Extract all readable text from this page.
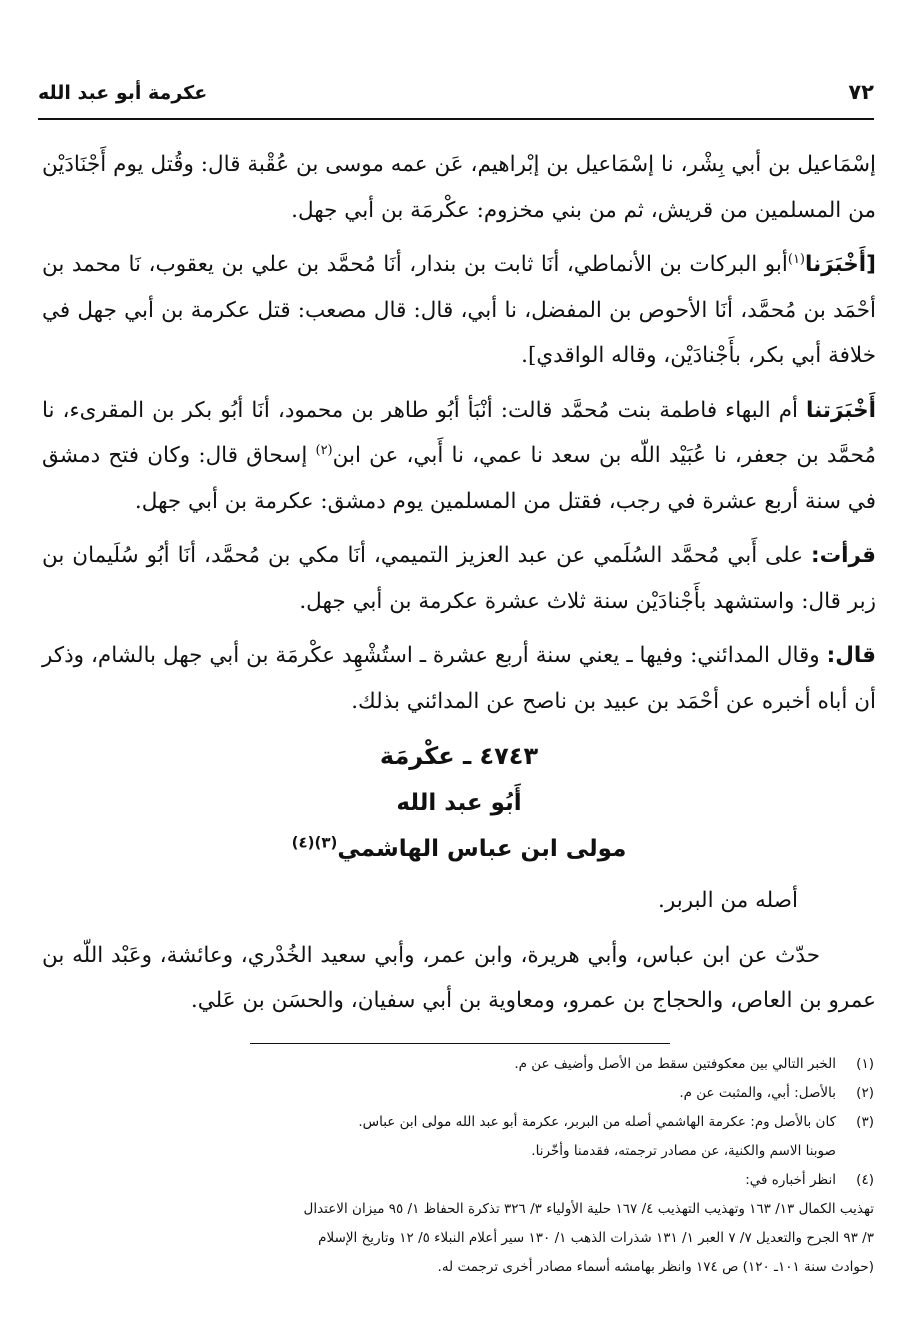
٧٢
عكرمة أبو عبد الله

إسْمَاعيل بن أبي بِشْر، نا إسْمَاعيل بن إبْراهيم، عَن عمه موسى بن عُقْبة قال: وقُتل يوم أَجْنَادَيْن من المسلمين من قريش، ثم من بني مخزوم: عكْرمَة بن أبي جهل.

[أَخْبَرَنا$^{(١)}$أبو البركات بن الأنماطي، أنَا ثابت بن بندار، أنَا مُحمَّد بن علي بن يعقوب، نَا محمد بن أحْمَد بن مُحمَّد، أنَا الأحوص بن المفضل، نا أبي، قال: قال مصعب: قتل عكرمة بن أبي جهل في خلافة أبي بكر، بأَجْنادَيْن، وقاله الواقدي].

أَخْبَرَتنا أم البهاء فاطمة بنت مُحمَّد قالت: أنْبَأ أبُو طاهر بن محمود، أنَا أبُو بكر بن المقرىء، نا مُحمَّد بن جعفر، نا عُبَيْد اللّه بن سعد نا عمي، نا أَبي، عن ابن$^{(٢)}$ إسحاق قال: وكان فتح دمشق في سنة أربع عشرة في رجب، فقتل من المسلمين يوم دمشق: عكرمة بن أبي جهل.

قرأت: على أَبي مُحمَّد السُلَمي عن عبد العزيز التميمي، أنَا مكي بن مُحمَّد، أنَا أبُو سُلَيمان بن زبر قال: واستشهد بأَجْنادَيْن سنة ثلاث عشرة عكرمة بن أبي جهل.

قال: وقال المدائني: وفيها ـ يعني سنة أربع عشرة ـ استُشْهِد عكْرمَة بن أبي جهل بالشام، وذكر أن أباه أخبره عن أحْمَد بن عبيد بن ناصح عن المدائني بذلك.

٤٧٤٣ ـ عكْرمَة
أَبُو عبد الله
مولى ابن عباس الهاشمي$^{(٣)(٤)}$

أصله من البربر.

حدّث عن ابن عباس، وأبي هريرة، وابن عمر، وأبي سعيد الخُدْري، وعائشة، وعَبْد اللّه بن عمرو بن العاص، والحجاج بن عمرو، ومعاوية بن أبي سفيان، والحسَن بن عَلي.

(١)
الخبر التالي بين معكوفتين سقط من الأصل وأضيف عن م.
(٢)
بالأصل: أبي، والمثبت عن م.
(٣)
كان بالأصل وم: عكرمة الهاشمي أصله من البربر، عكرمة أبو عبد الله مولى ابن عباس.
صوبنا الاسم والكنية، عن مصادر ترجمته، فقدمنا وأخّرنا.
(٤)
انظر أخباره في:
تهذيب الكمال ١٣/ ١٦٣ وتهذيب التهذيب ٤/ ١٦٧ حلية الأولياء ٣/ ٣٢٦ تذكرة الحفاظ ١/ ٩٥ ميزان الاعتدال
٣/ ٩٣ الجرح والتعديل ٧/ ٧ العبر ١/ ١٣١ شذرات الذهب ١/ ١٣٠ سير أعلام النبلاء ٥/ ١٢ وتاريخ الإسلام
(حوادث سنة ١٠١ـ ١٢٠) ص ١٧٤ وانظر بهامشه أسماء مصادر أخرى ترجمت له.
